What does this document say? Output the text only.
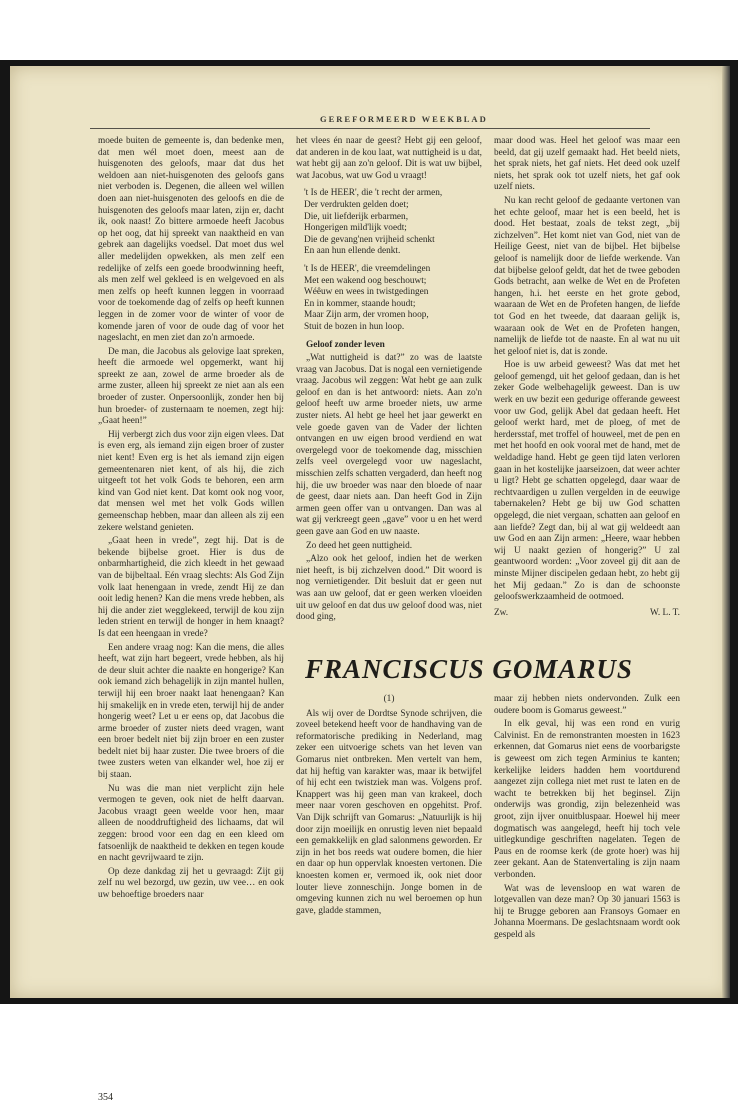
GEREFORMEERD WEEKBLAD

moede buiten de gemeente is, dan bedenke men, dat men wél moet doen, meest aan de huisgenoten des geloofs, maar dat dus het weldoen aan niet-huisgenoten des geloofs gans niet verboden is. Degenen, die alleen wel willen doen aan niet-huisgenoten des geloofs en die de huisgenoten des geloofs maar laten, zijn er, dacht ik, ook naast! Zo bittere armoede heeft Jacobus op het oog, dat hij spreekt van naaktheid en van gebrek aan dagelijks voedsel. Dat moet dus wel aller medelijden opwekken, als men zelf een redelijke of zelfs een goede broodwinning heeft, als men zelf wel gekleed is en welgevoed en als men zelfs op heeft kunnen leggen in voorraad voor de toekomende dag of zelfs op heeft kunnen leggen in de zomer voor de winter of voor de komende jaren of voor de oude dag of voor het nageslacht, en men ziet dan zo'n armoede.

De man, die Jacobus als gelovige laat spreken, heeft die armoede wel opgemerkt, want hij spreekt ze aan, zowel de arme broeder als de arme zuster, alleen hij spreekt ze niet aan als een broeder of zuster. Onpersoonlijk, zonder hen bij hun broeder- of zusternaam te noemen, zegt hij: „Gaat heen!”

Hij verbergt zich dus voor zijn eigen vlees. Dat is even erg, als iemand zijn eigen broer of zuster niet kent! Even erg is het als iemand zijn eigen gemeentenaren niet kent, of als hij, die zich uitgeeft tot het volk Gods te behoren, een arm kind van God niet kent. Dat komt ook nog voor, dat mensen wel met het volk Gods willen gemeenschap hebben, maar dan alleen als zij een zekere welstand genieten.

„Gaat heen in vrede”, zegt hij. Dat is de bekende bijbelse groet. Hier is dus de onbarmhartigheid, die zich kleedt in het gewaad van de bijbeltaal. Eén vraag slechts: Als God Zijn volk laat henengaan in vrede, zendt Hij ze dan ooit ledig henen? Kan die mens vrede hebben, als hij die ander ziet wegglekeed, terwijl de kou zijn leden strient en terwijl de honger in hem knaagt? Is dat een heengaan in vrede?

Een andere vraag nog: Kan die mens, die alles heeft, wat zijn hart begeert, vrede hebben, als hij de deur sluit achter die naakte en hongerige? Kan ook iemand zich behagelijk in zijn mantel hullen, terwijl hij een broer naakt laat henengaan? Kan hij smakelijk en in vrede eten, terwijl hij de ander hongerig weet? Let u er eens op, dat Jacobus die arme broeder of zuster niets deed vragen, want een broer bedelt niet bij zijn broer en een zuster bedelt niet bij haar zuster. Die twee broers of die twee zusters weten van elkander wel, hoe zij er bij staan.

Nu was die man niet verplicht zijn hele vermogen te geven, ook niet de helft daarvan. Jacobus vraagt geen weelde voor hen, maar alleen de nooddruftigheid des lichaams, dat wil zeggen: brood voor een dag en een kleed om fatsoenlijk de naaktheid te dekken en tegen koude en nacht gevrijwaard te zijn.

Op deze dankdag zij het u gevraagd: Zijt gij zelf nu wel bezorgd, uw gezin, uw vee… en ook uw behoeftige broeders naar

het vlees én naar de geest? Hebt gij een geloof, dat anderen in de kou laat, wat nuttigheid is u dat, wat hebt gij aan zo'n geloof. Dit is wat uw bijbel, wat Jacobus, wat uw God u vraagt!

't Is de HEER', die 't recht der armen,
Der verdrukten gelden doet;
Die, uit liefderijk erbarmen,
Hongerigen mild'lijk voedt;
Die de gevang'nen vrijheid schenkt
En aan hun ellende denkt.
't Is de HEER', die vreemdelingen
Met een wakend oog beschouwt;
Wéêuw en wees in twistgedingen
En in kommer, staande houdt;
Maar Zijn arm, der vromen hoop,
Stuit de bozen in hun loop.

Geloof zonder leven

„Wat nuttigheid is dat?” zo was de laatste vraag van Jacobus. Dat is nogal een vernietigende vraag. Jacobus wil zeggen: Wat hebt ge aan zulk geloof en dan is het antwoord: niets. Aan zo'n geloof heeft uw arme broeder niets, uw arme zuster niets. Al hebt ge heel het jaar gewerkt en vele goede gaven van de Vader der lichten ontvangen en uw eigen brood verdiend en wat overgelegd voor de toekomende dag, misschien zelfs veel overgelegd voor uw nageslacht, misschien zelfs schatten vergaderd, dan heeft nog hij, die uw broeder was naar den bloede of naar de geest, daar niets aan. Dan heeft God in Zijn armen geen offer van u ontvangen. Dan was al wat gij verkreegt geen „gave” voor u en het werd geen gave aan God en uw naaste.

Zo deed het geen nuttigheid.

„Alzo ook het geloof, indien het de werken niet heeft, is bij zichzelven dood.” Dit woord is nog vernietigender. Dit besluit dat er geen nut was aan uw geloof, dat er geen werken vloeiden uit uw geloof en dat dus uw geloof dood was, niet dood ging,

maar dood was. Heel het geloof was maar een beeld, dat gij uzelf gemaakt had. Het beeld niets, het sprak niets, het gaf niets. Het deed ook uzelf niets, het sprak ook tot uzelf niets, het gaf ook uzelf niets.

Nu kan recht geloof de gedaante vertonen van het echte geloof, maar het is een beeld, het is dood. Het bestaat, zoals de tekst zegt, „bij zichzelven”. Het komt niet van God, niet van de Heilige Geest, niet van de bijbel. Het bijbelse geloof is namelijk door de liefde werkende. Van dat bijbelse geloof geldt, dat het de twee geboden Gods betracht, aan welke de Wet en de Profeten hangen, h.i. het eerste en het grote gebod, waaraan de Wet en de Profeten hangen, de liefde tot God en het tweede, dat daaraan gelijk is, waaraan ook de Wet en de Profeten hangen, namelijk de liefde tot de naaste. En al wat nu uit het geloof niet is, dat is zonde.

Hoe is uw arbeid geweest? Was dat met het geloof gemengd, uit het geloof gedaan, dan is het zeker Gode welbehagelijk geweest. Dan is uw werk en uw bezit een gedurige offerande geweest voor uw God, gelijk Abel dat gedaan heeft. Het geloof werkt hard, met de ploeg, of met de herdersstaf, met troffel of houweel, met de pen en met het hoofd en ook vooral met de hand, met de weldadige hand. Hebt ge geen tijd laten verloren gaan in het kostelijke jaarseizoen, dat weer achter u ligt? Hebt ge schatten opgelegd, daar waar de rechtvaardigen u zullen vergelden in de eeuwige tabernakelen? Hebt ge bij uw God schatten opgelegd, die niet vergaan, schatten aan geloof en aan liefde? Zegt dan, bij al wat gij weldeedt aan uw God en aan Zijn armen: „Heere, waar hebben wij U naakt gezien of hongerig?” U zal geantwoord worden: „Voor zoveel gij dit aan de minste Mijner discipelen gedaan hebt, zo hebt gij het Mij gedaan.” Zo is dan de schoonste geloofswerkzaamheid de ootmoed.

Zw.	W. L. T.
FRANCISCUS GOMARUS
(1)

Als wij over de Dordtse Synode schrijven, die zoveel betekend heeft voor de handhaving van de reformatorische prediking in Nederland, mag zeker een uitvoerige schets van het leven van Gomarus niet ontbreken. Men vertelt van hem, dat hij heftig van karakter was, maar ik betwijfel of hij echt een twistziek man was. Volgens prof. Knappert was hij geen man van krakeel, doch meer naar voren geschoven en opgehitst. Prof. Van Dijk schrijft van Gomarus: „Natuurlijk is hij door zijn moeilijk en onrustig leven niet bepaald een gemakkelijk en glad salonmens geworden. Er zijn in het bos reeds wat oudere bomen, die hier en daar op hun oppervlak knoesten vertonen. Die knoesten komen er, vermoed ik, ook niet door louter lieve zonneschijn. Jonge bomen in de omgeving kunnen zich nu wel beroemen op hun gave, gladde stammen,

maar zij hebben niets ondervonden. Zulk een oudere boom is Gomarus geweest.”

In elk geval, hij was een rond en vurig Calvinist. En de remonstranten moesten in 1623 erkennen, dat Gomarus niet eens de voorbarigste is geweest om zich tegen Arminius te kanten; kerkelijke leiders hadden hem voortdurend aangezet zijn collega niet met rust te laten en de wacht te betrekken bij het beginsel. Zijn onderwijs was grondig, zijn belezenheid was groot, zijn ijver onuitbluspaar. Hoewel hij meer dogmatisch was aangelegd, heeft hij toch vele uitlegkundige geschriften nagelaten. Tegen de Paus en de roomse kerk (de grote hoer) was hij zeer gekant. Aan de Statenvertaling is zijn naam verbonden.

Wat was de levensloop en wat waren de lotgevallen van deze man? Op 30 januari 1563 is hij te Brugge geboren aan Fransoys Gomaer en Johanna Moermans. De geslachtsnaam wordt ook gespeld als

354
